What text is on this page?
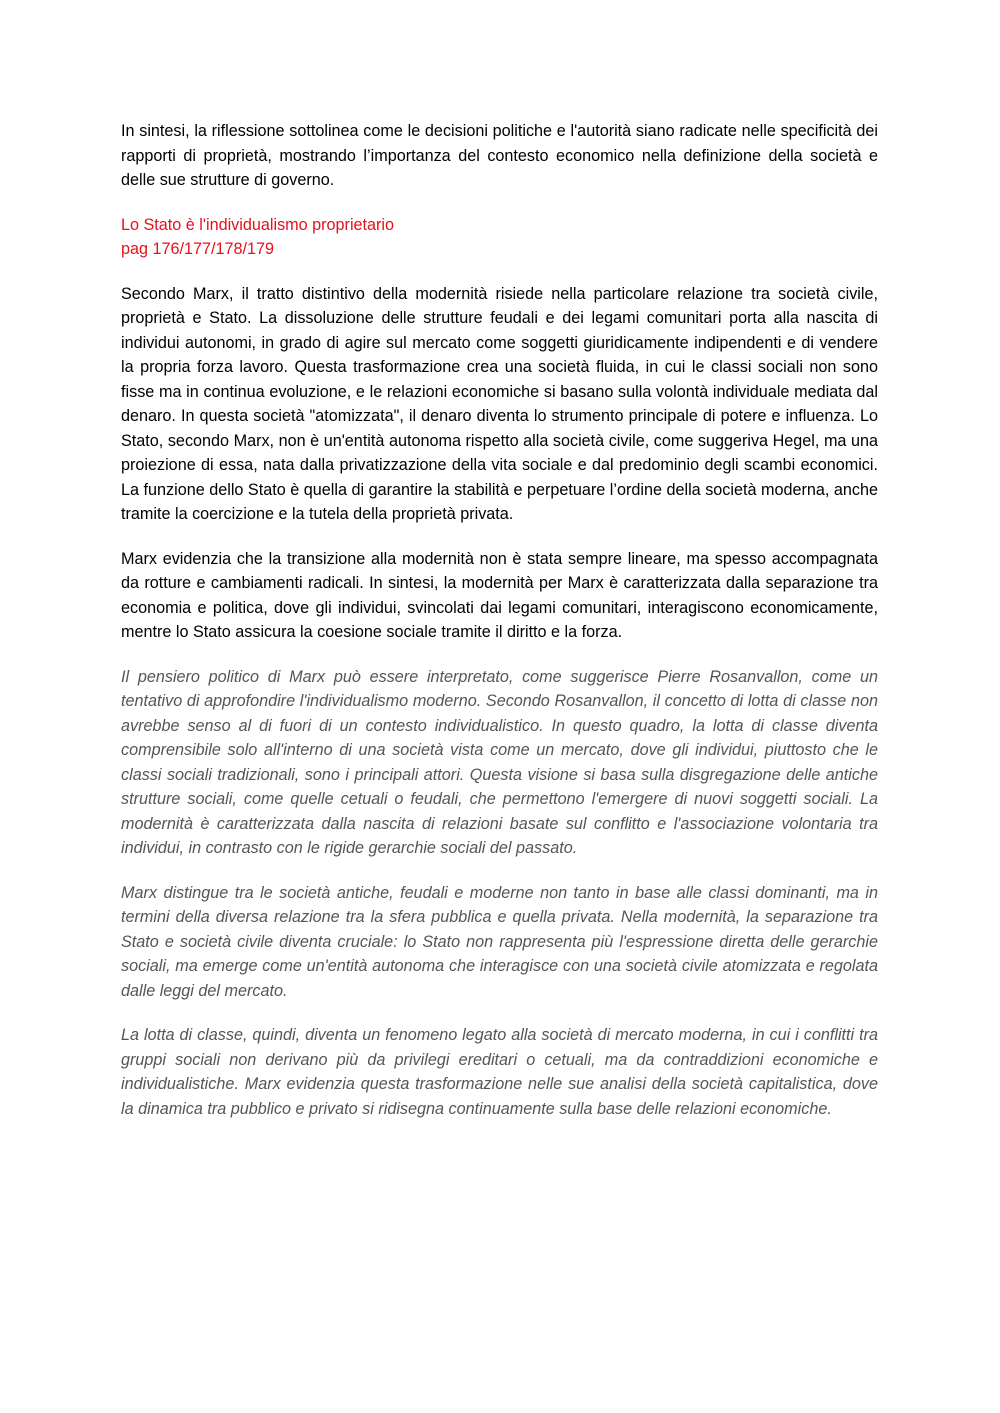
In sintesi, la riflessione sottolinea come le decisioni politiche e l'autorità siano radicate nelle specificità dei rapporti di proprietà, mostrando l’importanza del contesto economico nella definizione della società e delle sue strutture di governo.

Lo Stato è l'individualismo proprietario
pag 176/177/178/179

Secondo Marx, il tratto distintivo della modernità risiede nella particolare relazione tra società civile, proprietà e Stato. La dissoluzione delle strutture feudali e dei legami comunitari porta alla nascita di individui autonomi, in grado di agire sul mercato come soggetti giuridicamente indipendenti e di vendere la propria forza lavoro. Questa trasformazione crea una società fluida, in cui le classi sociali non sono fisse ma in continua evoluzione, e le relazioni economiche si basano sulla volontà individuale mediata dal denaro. In questa società "atomizzata", il denaro diventa lo strumento principale di potere e influenza. Lo Stato, secondo Marx, non è un'entità autonoma rispetto alla società civile, come suggeriva Hegel, ma una proiezione di essa, nata dalla privatizzazione della vita sociale e dal predominio degli scambi economici. La funzione dello Stato è quella di garantire la stabilità e perpetuare l’ordine della società moderna, anche tramite la coercizione e la tutela della proprietà privata.

Marx evidenzia che la transizione alla modernità non è stata sempre lineare, ma spesso accompagnata da rotture e cambiamenti radicali. In sintesi, la modernità per Marx è caratterizzata dalla separazione tra economia e politica, dove gli individui, svincolati dai legami comunitari, interagiscono economicamente, mentre lo Stato assicura la coesione sociale tramite il diritto e la forza.

Il pensiero politico di Marx può essere interpretato, come suggerisce Pierre Rosanvallon, come un tentativo di approfondire l'individualismo moderno. Secondo Rosanvallon, il concetto di lotta di classe non avrebbe senso al di fuori di un contesto individualistico. In questo quadro, la lotta di classe diventa comprensibile solo all'interno di una società vista come un mercato, dove gli individui, piuttosto che le classi sociali tradizionali, sono i principali attori. Questa visione si basa sulla disgregazione delle antiche strutture sociali, come quelle cetuali o feudali, che permettono l'emergere di nuovi soggetti sociali. La modernità è caratterizzata dalla nascita di relazioni basate sul conflitto e l'associazione volontaria tra individui, in contrasto con le rigide gerarchie sociali del passato.

Marx distingue tra le società antiche, feudali e moderne non tanto in base alle classi dominanti, ma in termini della diversa relazione tra la sfera pubblica e quella privata. Nella modernità, la separazione tra Stato e società civile diventa cruciale: lo Stato non rappresenta più l'espressione diretta delle gerarchie sociali, ma emerge come un'entità autonoma che interagisce con una società civile atomizzata e regolata dalle leggi del mercato.

La lotta di classe, quindi, diventa un fenomeno legato alla società di mercato moderna, in cui i conflitti tra gruppi sociali non derivano più da privilegi ereditari o cetuali, ma da contraddizioni economiche e individualistiche. Marx evidenzia questa trasformazione nelle sue analisi della società capitalistica, dove la dinamica tra pubblico e privato si ridisegna continuamente sulla base delle relazioni economiche.
